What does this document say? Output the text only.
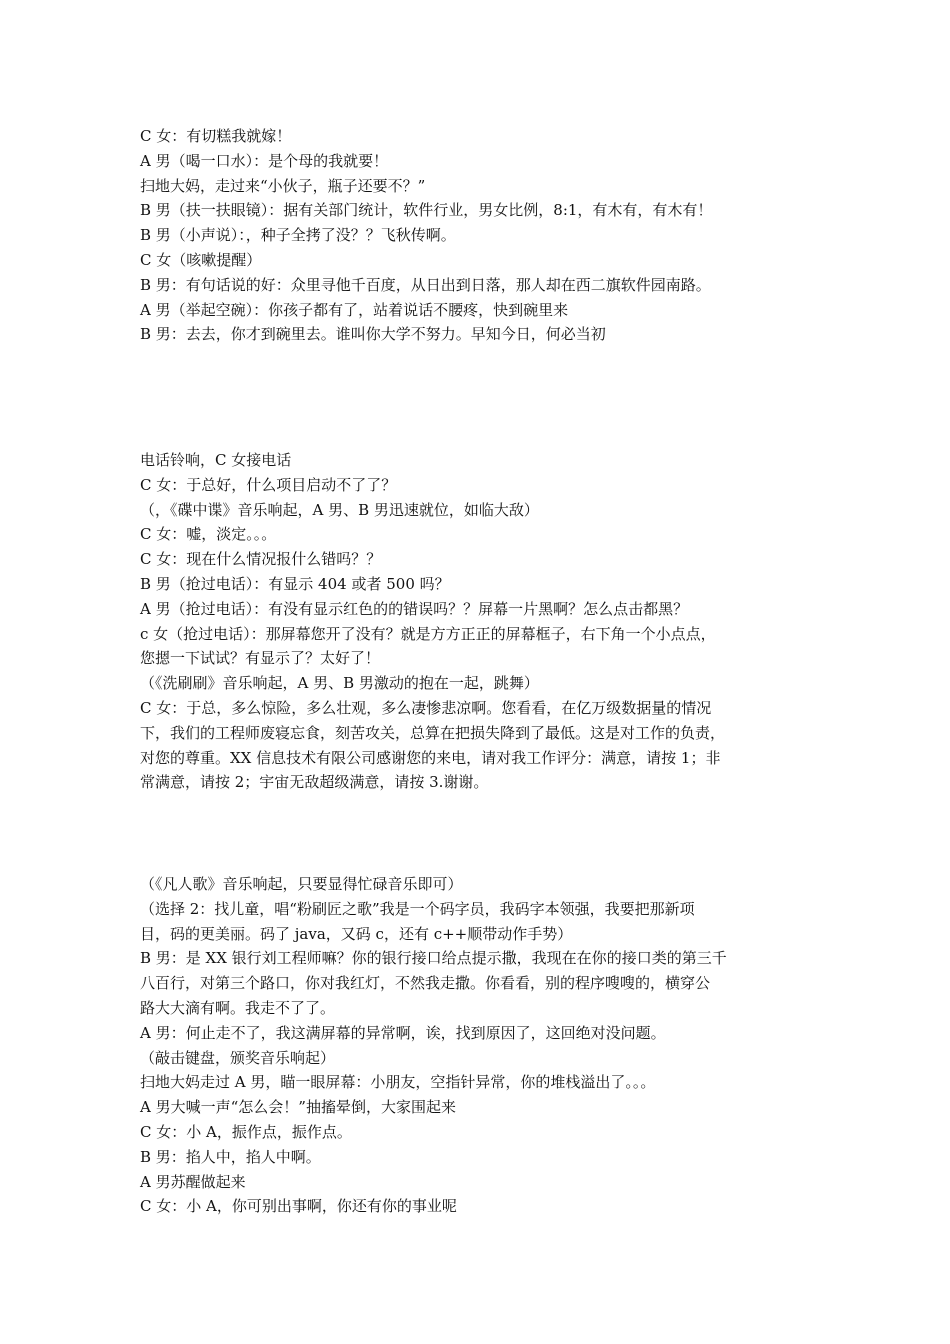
C 女：有切糕我就嫁！
A 男（喝一口水）：是个母的我就要！
扫地大妈，走过来“小伙子，瓶子还要不？”
B 男（扶一扶眼镜）：据有关部门统计，软件行业，男女比例，8:1，有木有，有木有！
B 男（小声说）：，种子全拷了没？？飞秋传啊。
C 女（咳嗽提醒）
B 男：有句话说的好：众里寻他千百度，从日出到日落，那人却在西二旗软件园南路。
A 男（举起空碗）：你孩子都有了，站着说话不腰疼，快到碗里来
B 男：去去，你才到碗里去。谁叫你大学不努力。早知今日，何必当初
电话铃响，C 女接电话
C 女：于总好，什么项目启动不了了？
（，《碟中谍》音乐响起，A 男、B 男迅速就位，如临大敌）
C 女：嘘，淡定。。。
C 女：现在什么情况报什么错吗？？
B 男（抢过电话）：有显示 404 或者 500 吗？
A 男（抢过电话）：有没有显示红色的的错误吗？？屏幕一片黑啊？怎么点击都黑？
c 女（抢过电话）：那屏幕您开了没有？就是方方正正的屏幕框子，右下角一个小点点，
您摁一下试试？有显示了？太好了！
（《洗刷刷》音乐响起，A 男、B 男激动的抱在一起，跳舞）
C 女：于总，多么惊险，多么壮观，多么凄惨悲凉啊。您看看，在亿万级数据量的情况
下，我们的工程师废寝忘食，刻苦攻关，总算在把损失降到了最低。这是对工作的负责，
对您的尊重。XX 信息技术有限公司感谢您的来电，请对我工作评分：满意，请按 1；非
常满意，请按 2；宇宙无敌超级满意，请按 3.谢谢。
（《凡人歌》音乐响起，只要显得忙碌音乐即可）
（选择 2：找儿童，唱“粉刷匠之歌”我是一个码字员，我码字本领强，我要把那新项
目，码的更美丽。码了 java，又码 c，还有 c++顺带动作手势）
B 男：是 XX 银行刘工程师嘛？你的银行接口给点提示撒，我现在在你的接口类的第三千
八百行，对第三个路口，你对我红灯，不然我走撒。你看看，别的程序嗖嗖的，横穿公
路大大滴有啊。我走不了了。
A 男：何止走不了，我这满屏幕的异常啊，诶，找到原因了，这回绝对没问题。
（敲击键盘，颁奖音乐响起）
扫地大妈走过 A 男，瞄一眼屏幕：小朋友，空指针异常，你的堆栈溢出了。。。
A 男大喊一声“怎么会！”抽搐晕倒，大家围起来
C 女：小 A，振作点，振作点。
B 男：掐人中，掐人中啊。
A 男苏醒做起来
C 女：小 A，你可别出事啊，你还有你的事业呢
